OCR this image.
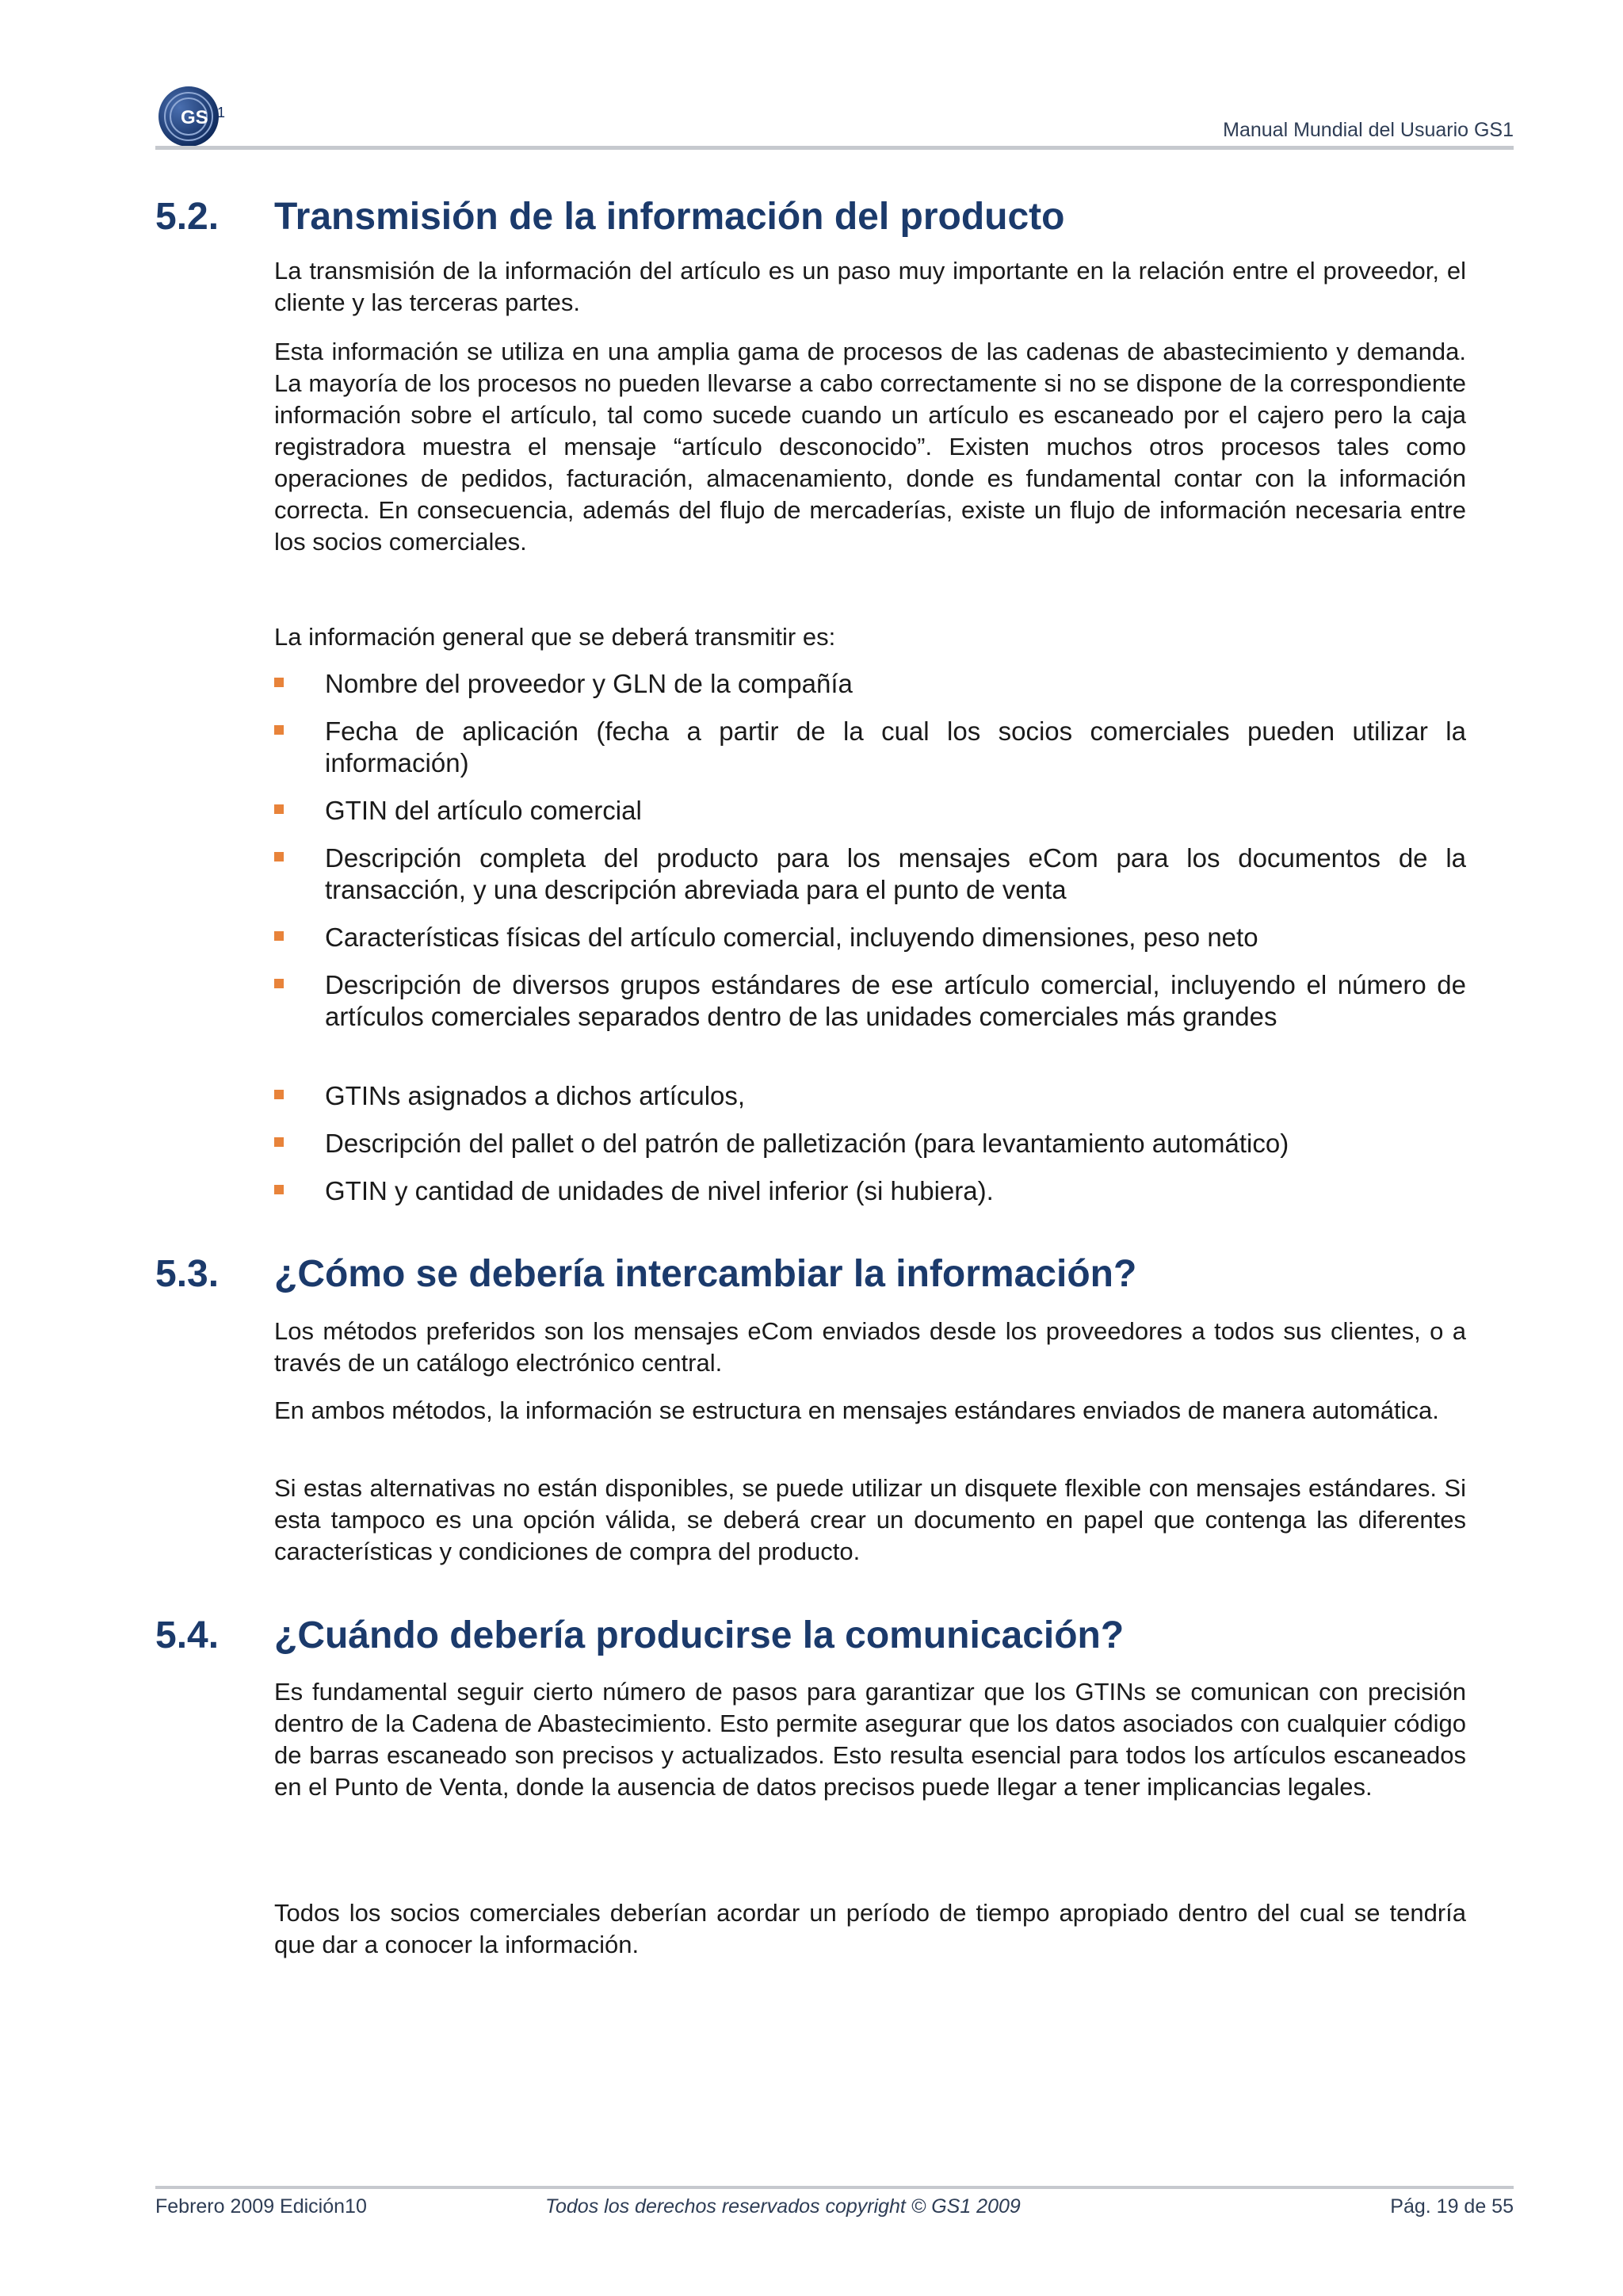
GS 1
Manual Mundial del Usuario GS1
5.2. Transmisión de la información del producto

La transmisión de la información del artículo es un paso muy importante en la relación entre el proveedor, el cliente y las terceras partes.

Esta información se utiliza en una amplia gama de procesos de las cadenas de abastecimiento y demanda. La mayoría de los procesos no pueden llevarse a cabo correctamente si no se dispone de la correspondiente información sobre el artículo, tal como sucede cuando un artículo es escaneado por el cajero pero la caja registradora muestra el mensaje “artículo desconocido”. Existen muchos otros procesos tales como operaciones de pedidos, facturación, almacenamiento, donde es fundamental contar con la información correcta. En consecuencia, además del flujo de mercaderías, existe un flujo de información necesaria entre los socios comerciales.

La información general que se deberá transmitir es:

Nombre del proveedor y GLN de la compañía
Fecha de aplicación (fecha a partir de la cual los socios comerciales pueden utilizar la información)
GTIN del artículo comercial
Descripción completa del producto para los mensajes eCom para los documentos de la transacción, y una descripción abreviada para el punto de venta
Características físicas del artículo comercial, incluyendo dimensiones, peso neto
Descripción de diversos grupos estándares de ese artículo comercial, incluyendo el número de artículos comerciales separados dentro de las unidades comerciales más grandes
GTINs asignados a dichos artículos,
Descripción del pallet o del patrón de palletización (para levantamiento automático)
GTIN y cantidad de unidades de nivel inferior (si hubiera).
5.3. ¿Cómo se debería intercambiar la información?

Los métodos preferidos son los mensajes eCom enviados desde los proveedores a todos sus clientes, o a través de un catálogo electrónico central.

En ambos métodos, la información se estructura en mensajes estándares enviados de manera automática.

Si estas alternativas no están disponibles, se puede utilizar un disquete flexible con mensajes estándares. Si esta tampoco es una opción válida, se deberá crear un documento en papel que contenga las diferentes características y condiciones de compra del producto.

5.4. ¿Cuándo debería producirse la comunicación?

Es fundamental seguir cierto número de pasos para garantizar que los GTINs se comunican con precisión dentro de la Cadena de Abastecimiento. Esto permite asegurar que los datos asociados con cualquier código de barras escaneado son precisos y actualizados. Esto resulta esencial para todos los artículos escaneados en el Punto de Venta, donde la ausencia de datos precisos puede llegar a tener implicancias legales.

Todos los socios comerciales deberían acordar un período de tiempo apropiado dentro del cual se tendría que dar a conocer la información.

Febrero 2009 Edición10	Todos los derechos reservados copyright © GS1 2009	Pág. 19 de 55
